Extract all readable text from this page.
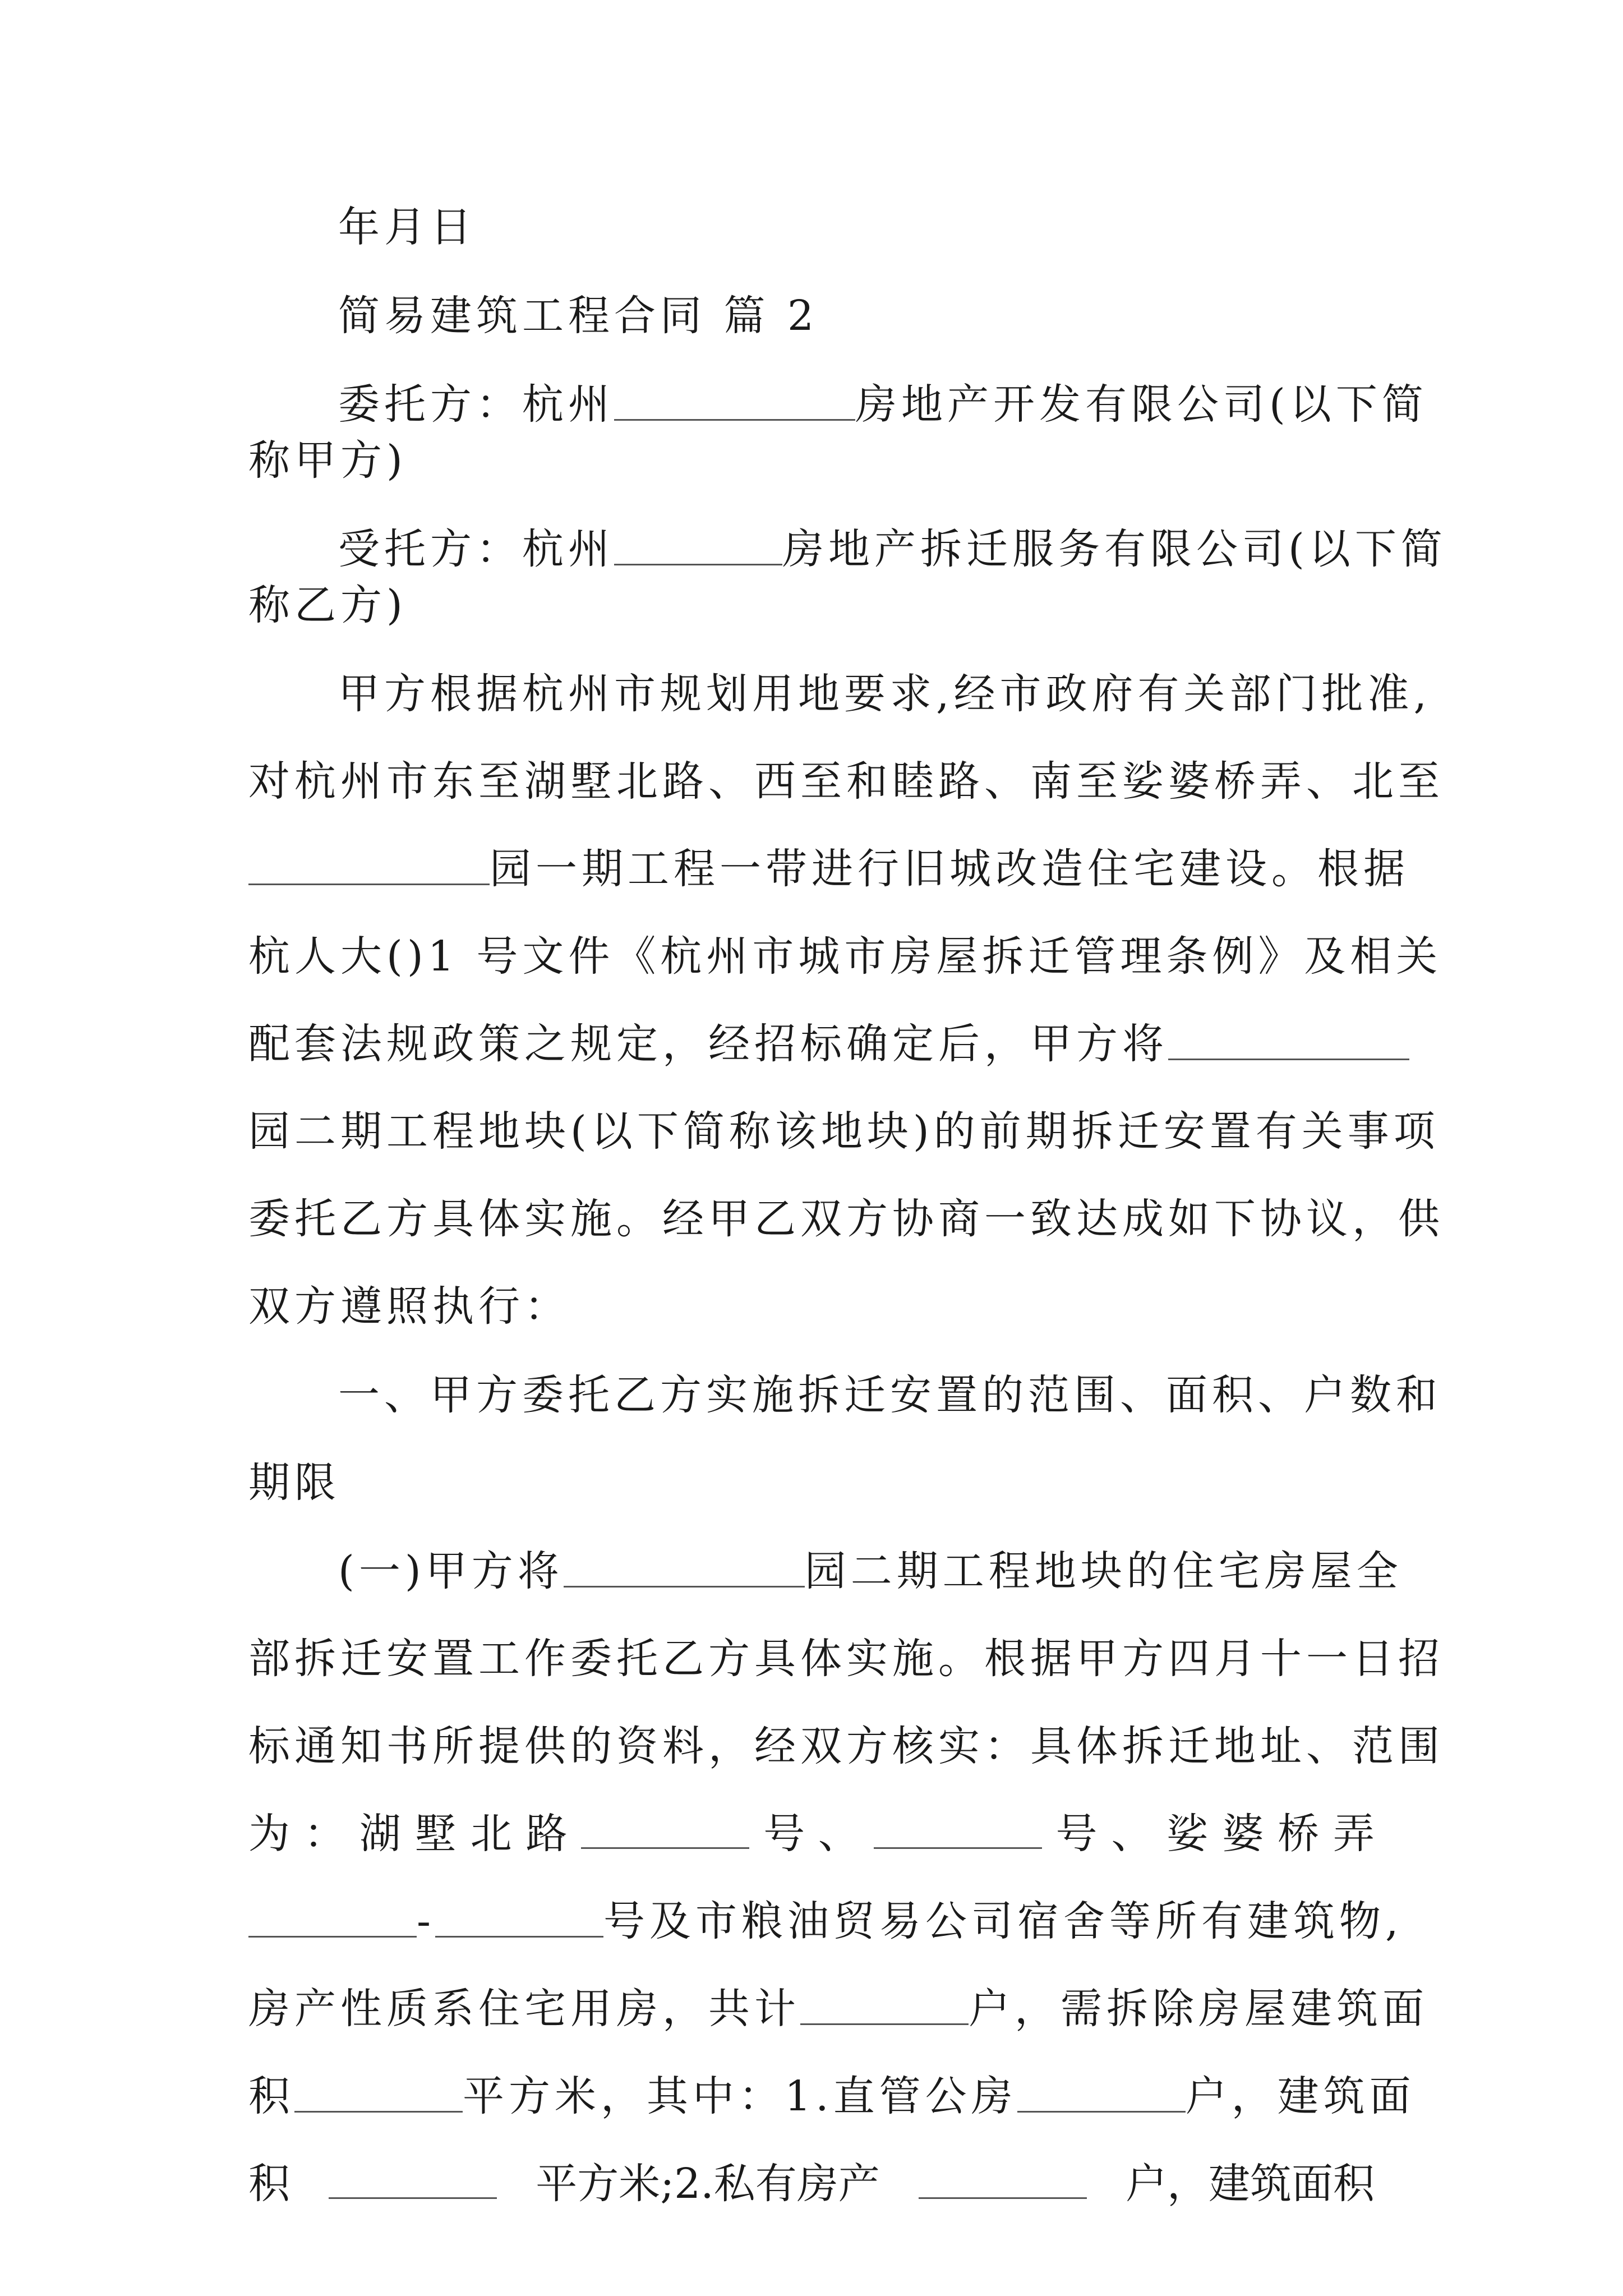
年月日
简易建筑工程合同 篇 2
委托方：杭州	房地产开发有限公司(以下简
称甲方)
受托方：杭州	房地产拆迁服务有限公司(以下简
称乙方)
甲方根据杭州市规划用地要求,经市政府有关部门批准,
对杭州市东至湖墅北路、西至和睦路、南至娑婆桥弄、北至
园一期工程一带进行旧城改造住宅建设。根据
杭人大()1 号文件《杭州市城市房屋拆迁管理条例》及相关
配套法规政策之规定，经招标确定后，甲方将
园二期工程地块(以下简称该地块)的前期拆迁安置有关事项
委托乙方具体实施。经甲乙双方协商一致达成如下协议，供
双方遵照执行：
一、甲方委托乙方实施拆迁安置的范围、面积、户数和
期限
(一)甲方将	园二期工程地块的住宅房屋全
部拆迁安置工作委托乙方具体实施。根据甲方四月十一日招
标通知书所提供的资料，经双方核实：具体拆迁地址、范围
为 ： 湖 墅 北 路	号 、	号 、 娑 婆 桥 弄
-	号及市粮油贸易公司宿舍等所有建筑物,
房产性质系住宅用房，共计	户，需拆除房屋建筑面
积	平方米，其中：1.直管公房	户，建筑面
积	平方米;2.私有房产	户，建筑面积
